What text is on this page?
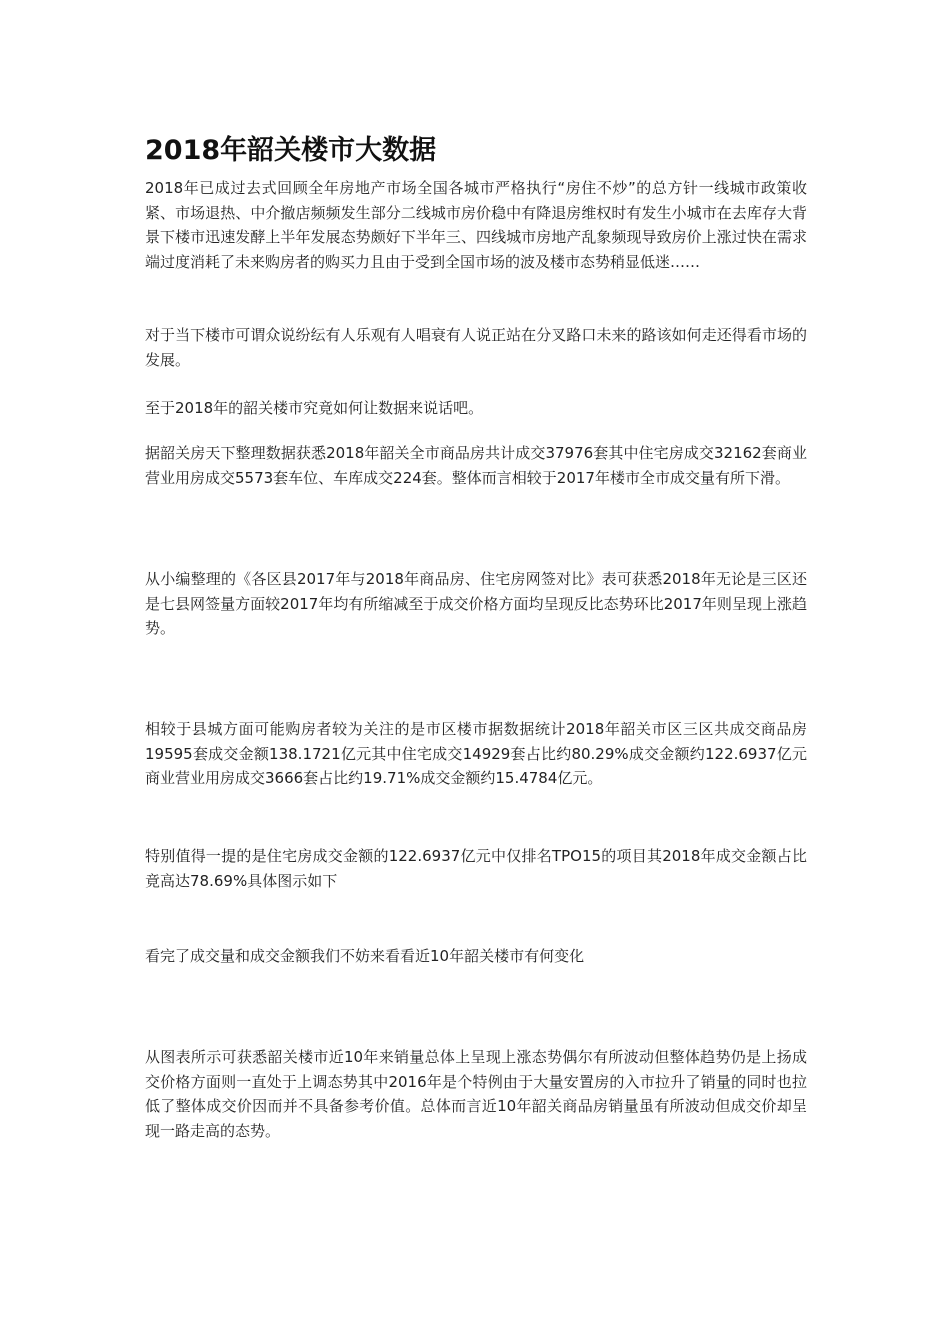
2018年韶关楼市大数据

2018年已成过去式回顾全年房地产市场全国各城市严格执行“房住不炒”的总方针一线城市政策收紧、市场退热、中介撤店频频发生部分二线城市房价稳中有降退房维权时有发生小城市在去库存大背景下楼市迅速发酵上半年发展态势颇好下半年三、四线城市房地产乱象频现导致房价上涨过快在需求端过度消耗了未来购房者的购买力且由于受到全国市场的波及楼市态势稍显低迷……

对于当下楼市可谓众说纷纭有人乐观有人唱衰有人说正站在分叉路口未来的路该如何走还得看市场的发展。

至于2018年的韶关楼市究竟如何让数据来说话吧。

据韶关房天下整理数据获悉2018年韶关全市商品房共计成交37976套其中住宅房成交32162套商业营业用房成交5573套车位、车库成交224套。整体而言相较于2017年楼市全市成交量有所下滑。

从小编整理的《各区县2017年与2018年商品房、住宅房网签对比》表可获悉2018年无论是三区还是七县网签量方面较2017年均有所缩减至于成交价格方面均呈现反比态势环比2017年则呈现上涨趋势。

相较于县城方面可能购房者较为关注的是市区楼市据数据统计2018年韶关市区三区共成交商品房19595套成交金额138.1721亿元其中住宅成交14929套占比约80.29%成交金额约122.6937亿元商业营业用房成交3666套占比约19.71%成交金额约15.4784亿元。

特别值得一提的是住宅房成交金额的122.6937亿元中仅排名TPO15的项目其2018年成交金额占比竟高达78.69%具体图示如下

看完了成交量和成交金额我们不妨来看看近10年韶关楼市有何变化

从图表所示可获悉韶关楼市近10年来销量总体上呈现上涨态势偶尔有所波动但整体趋势仍是上扬成交价格方面则一直处于上调态势其中2016年是个特例由于大量安置房的入市拉升了销量的同时也拉低了整体成交价因而并不具备参考价值。总体而言近10年韶关商品房销量虽有所波动但成交价却呈现一路走高的态势。
